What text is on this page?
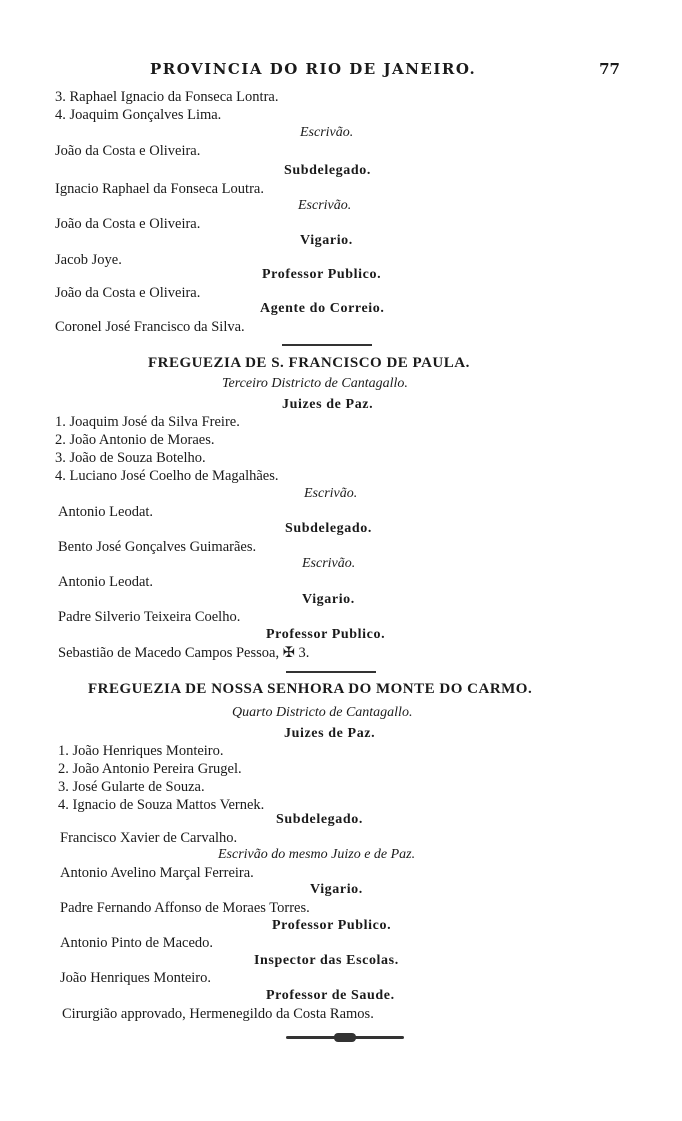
PROVINCIA DO RIO DE JANEIRO.	77
3. Raphael Ignacio da Fonseca Lontra.
4. Joaquim Gonçalves Lima.
Escrivão.
João da Costa e Oliveira.
Subdelegado.
Ignacio Raphael da Fonseca Loutra.
Escrivão.
João da Costa e Oliveira.
Vigario.
Jacob Joye.
Professor Publico.
João da Costa e Oliveira.
Agente do Correio.
Coronel José Francisco da Silva.
FREGUEZIA DE S. FRANCISCO DE PAULA.
Terceiro Districto de Cantagallo.
Juizes de Paz.
1. Joaquim José da Silva Freire.
2. João Antonio de Moraes.
3. João de Souza Botelho.
4. Luciano José Coelho de Magalhães.
Escrivão.
Antonio Leodat.
Subdelegado.
Bento José Gonçalves Guimarães.
Escrivão.
Antonio Leodat.
Vigario.
Padre Silverio Teixeira Coelho.
Professor Publico.
Sebastião de Macedo Campos Pessoa, ✠ 3.
FREGUEZIA DE NOSSA SENHORA DO MONTE DO CARMO.
Quarto Districto de Cantagallo.
Juizes de Paz.
1. João Henriques Monteiro.
2. João Antonio Pereira Grugel.
3. José Gularte de Souza.
4. Ignacio de Souza Mattos Vernek.
Subdelegado.
Francisco Xavier de Carvalho.
Escrivão do mesmo Juizo e de Paz.
Antonio Avelino Marçal Ferreira.
Vigario.
Padre Fernando Affonso de Moraes Torres.
Professor Publico.
Antonio Pinto de Macedo.
Inspector das Escolas.
João Henriques Monteiro.
Professor de Saude.
Cirurgião approvado, Hermenegildo da Costa Ramos.
